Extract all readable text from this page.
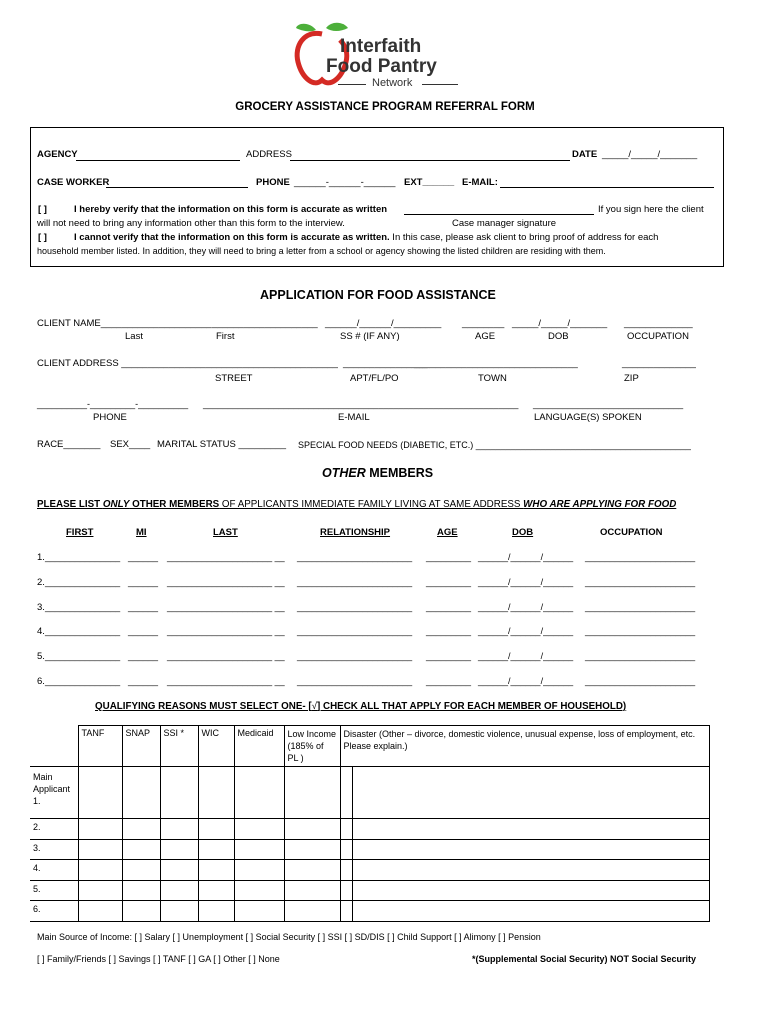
Interfaith
Food Pantry
Network
GROCERY ASSISTANCE PROGRAM REFERRAL FORM
AGENCY	ADDRESS	DATE _____/_____/_______
CASE WORKER	PHONE ______-______-______ EXT______ E-MAIL:
[ ]	I hereby verify that the information on this form is accurate as written	If you sign here the client
will not need to bring any information other than this form to the interview.	Case manager signature
[ ]	I cannot verify that the information on this form is accurate as written. In this case, please ask client to bring proof of address for each
household member listed. In addition, they will need to bring a letter from a school or agency showing the listed children are residing with them.
APPLICATION FOR FOOD ASSISTANCE
CLIENT NAME_____________________ ____________________ ______/______/_________ ________ _____/_____/_______ _____________
Last	First	SS # (IF ANY)	AGE	DOB	OCCUPATION
CLIENT ADDRESS _________________________________________ ________________
_______________________________	______________
STREET	APT/FL/PO	TOWN	ZIP
__________-_________-__________ _______________________________________________________________ ______________________________
PHONE	E-MAIL	LANGUAGE(S) SPOKEN
RACE_______ SEX____ MARITAL STATUS _________ SPECIAL FOOD NEEDS (DIABETIC, ETC.) ___________________________________________
OTHER MEMBERS
PLEASE LIST ONLY OTHER MEMBERS OF APPLICANTS IMMEDIATE FAMILY LIVING AT SAME ADDRESS WHO ARE APPLYING FOR FOOD
FIRST	MI	LAST	RELATIONSHIP	AGE	DOB	OCCUPATION
1. _______________ ______ _____________________ __ _______________________ _________ ______/______/______ ______________________
2. _______________ ______ _____________________ __ _______________________ _________ ______/______/______ ______________________
3. _______________ ______ _____________________ __ _______________________ _________ ______/______/______ ______________________
4. _______________ ______ _____________________ __ _______________________ _________ ______/______/______ ______________________
5. _______________ ______ _____________________ __ _______________________ _________ ______/______/______ ______________________
6. _______________ ______ _____________________ __ _______________________ _________ ______/______/______ ______________________
QUALIFYING REASONS MUST SELECT ONE- [√] CHECK ALL THAT APPLY FOR EACH MEMBER OF HOUSEHOLD)
	TANF	SNAP	SSI *	WIC	Medicaid	Low Income (185% of PL )	Disaster (Other – divorce, domestic violence, unusual expense, loss of employment, etc. Please explain.)	
Main Applicant 1.								
2.								
3.								
4.								
5.								
6.								
Main Source of Income: [ ] Salary [ ] Unemployment [ ] Social Security [ ] SSI [ ] SD/DIS [ ] Child Support [ ] Alimony [ ] Pension
[ ] Family/Friends [ ] Savings [ ] TANF [ ] GA [ ] Other [ ] None	*(Supplemental Social Security) NOT Social Security
